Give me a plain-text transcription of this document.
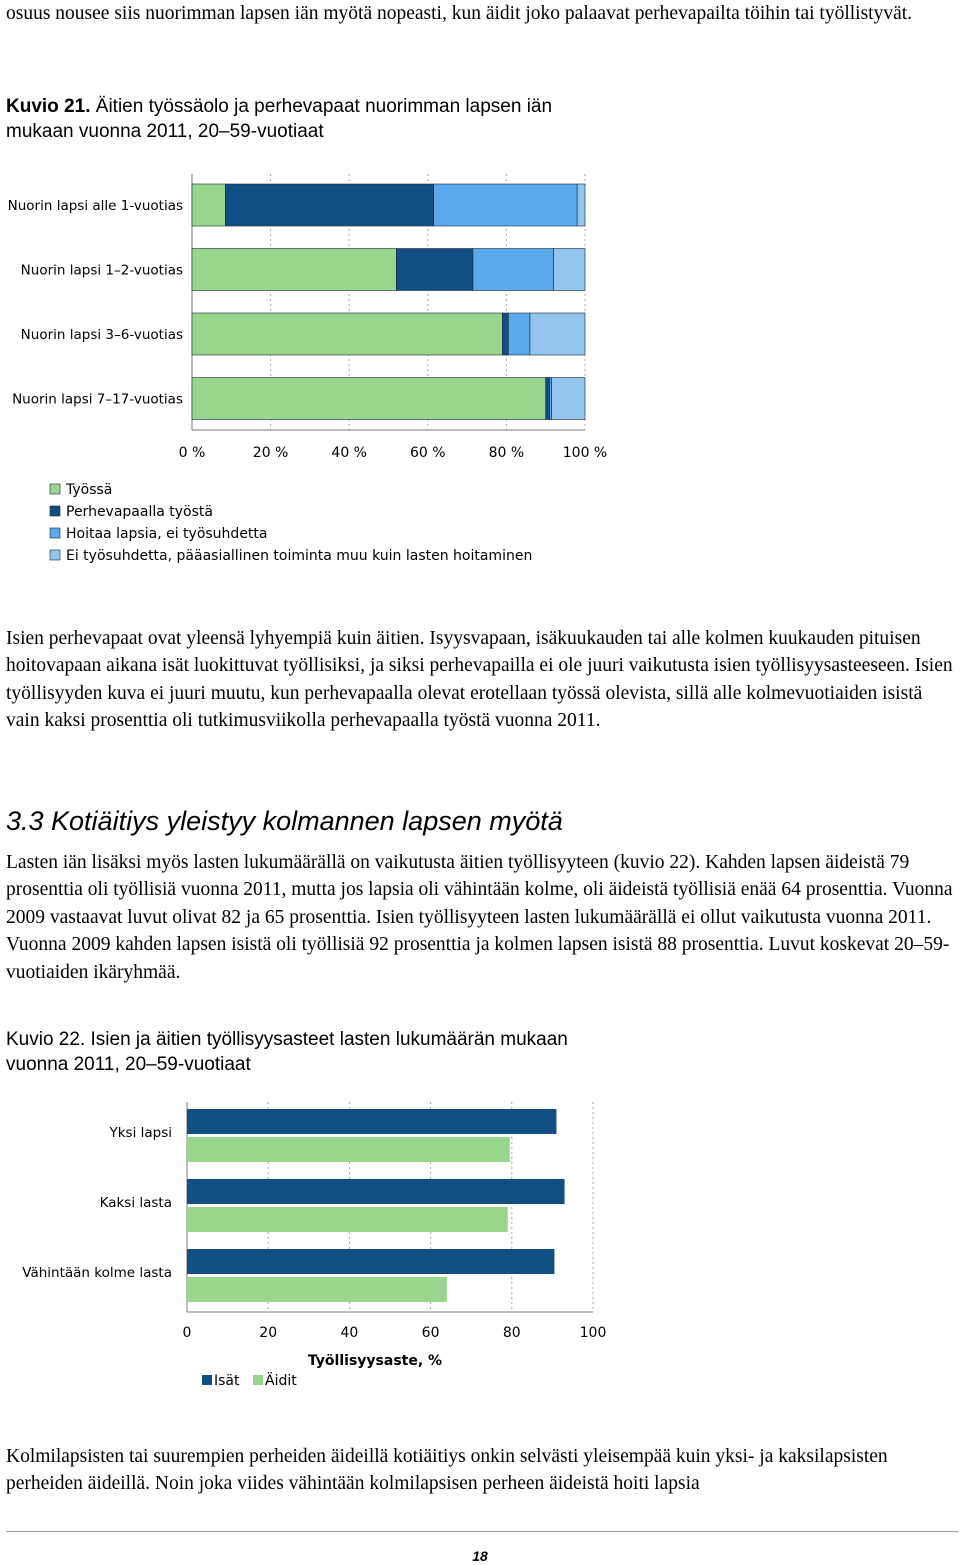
osuus nousee siis nuorimman lapsen iän myötä nopeasti, kun äidit joko palaavat perhevapailta töihin tai työllistyvät.

Kuvio 21. Äitien työssäolo ja perhevapaat nuorimman lapsen iän
mukaan vuonna 2011, 20–59-vuotiaat

0 %	20 %	40 %	60 %	80 %	100 %
Nuorin lapsi alle 1-vuotias
Nuorin lapsi 1–2-vuotias
Nuorin lapsi 3–6-vuotias
Nuorin lapsi 7–17-vuotias
Työssä
Perhevapaalla työstä
Hoitaa lapsia, ei työsuhdetta
Ei työsuhdetta, pääasiallinen toiminta muu kuin lasten hoitaminen

Isien perhevapaat ovat yleensä lyhyempiä kuin äitien. Isyysvapaan, isäkuukauden tai alle kolmen kuukauden pituisen hoitovapaan aikana isät luokittuvat työllisiksi, ja siksi perhevapailla ei ole juuri vaikutusta isien työllisyysasteeseen. Isien työllisyyden kuva ei juuri muutu, kun perhevapaalla olevat erotellaan työssä olevista, sillä alle kolmevuotiaiden isistä vain kaksi prosenttia oli tutkimusviikolla perhevapaalla työstä vuonna 2011.

3.3 Kotiäitiys yleistyy kolmannen lapsen myötä

Lasten iän lisäksi myös lasten lukumäärällä on vaikutusta äitien työllisyyteen (kuvio 22). Kahden lapsen äideistä 79 prosenttia oli työllisiä vuonna 2011, mutta jos lapsia oli vähintään kolme, oli äideistä työllisiä enää 64 prosenttia. Vuonna 2009 vastaavat luvut olivat 82 ja 65 prosenttia. Isien työllisyyteen lasten lukumäärällä ei ollut vaikutusta vuonna 2011. Vuonna 2009 kahden lapsen isistä oli työllisiä 92 prosenttia ja kolmen lapsen isistä 88 prosenttia. Luvut koskevat 20–59-vuotiaiden ikäryhmää.

Kuvio 22. Isien ja äitien työllisyysasteet lasten lukumäärän mukaan
vuonna 2011, 20–59-vuotiaat

0	20	40	60	80	100
Yksi lapsi
Kaksi lasta
Vähintään kolme lasta
Työllisyysaste, %
Isät Äidit

Kolmilapsisten tai suurempien perheiden äideillä kotiäitiys onkin selvästi yleisempää kuin yksi- ja kaksilapsisten perheiden äideillä. Noin joka viides vähintään kolmilapsisen perheen äideistä hoiti lapsia

18
